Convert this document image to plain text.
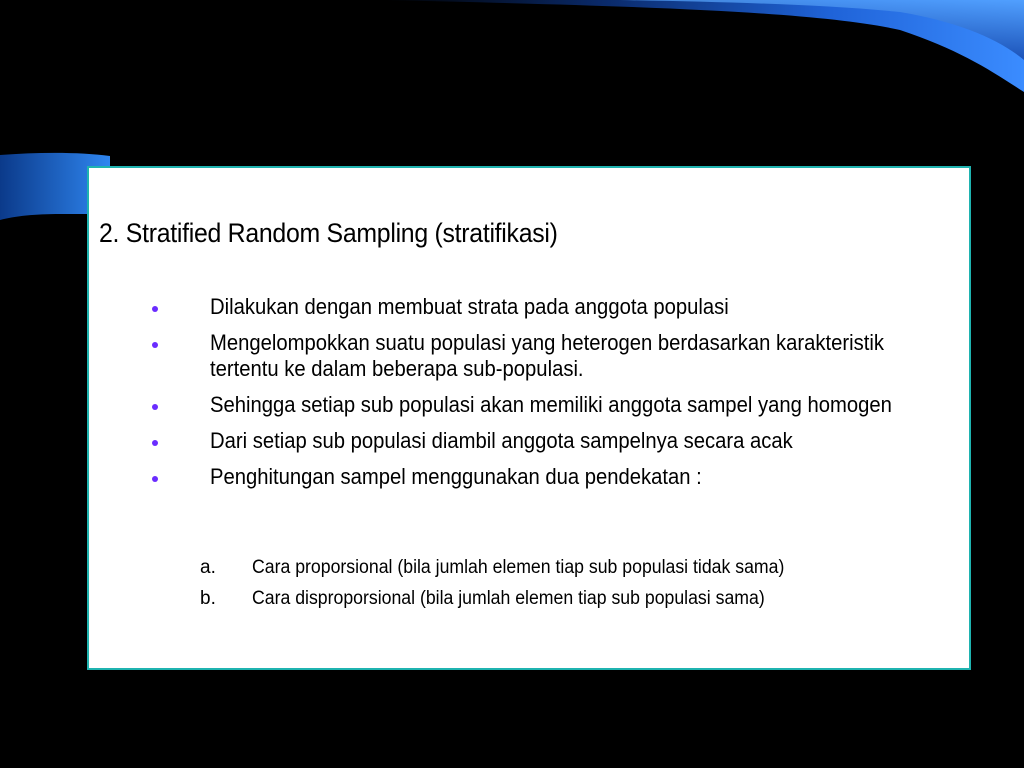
2. Stratified Random Sampling (stratifikasi)
Dilakukan dengan membuat strata pada anggota populasi
Mengelompokkan suatu populasi yang heterogen berdasarkan karakteristik tertentu ke dalam beberapa sub-populasi.
Sehingga setiap sub populasi akan memiliki anggota sampel yang homogen
Dari setiap sub populasi diambil anggota sampelnya secara acak
Penghitungan sampel menggunakan dua pendekatan :
a. Cara proporsional (bila jumlah elemen tiap sub populasi tidak sama)
b. Cara disproporsional (bila jumlah elemen tiap sub populasi sama)
